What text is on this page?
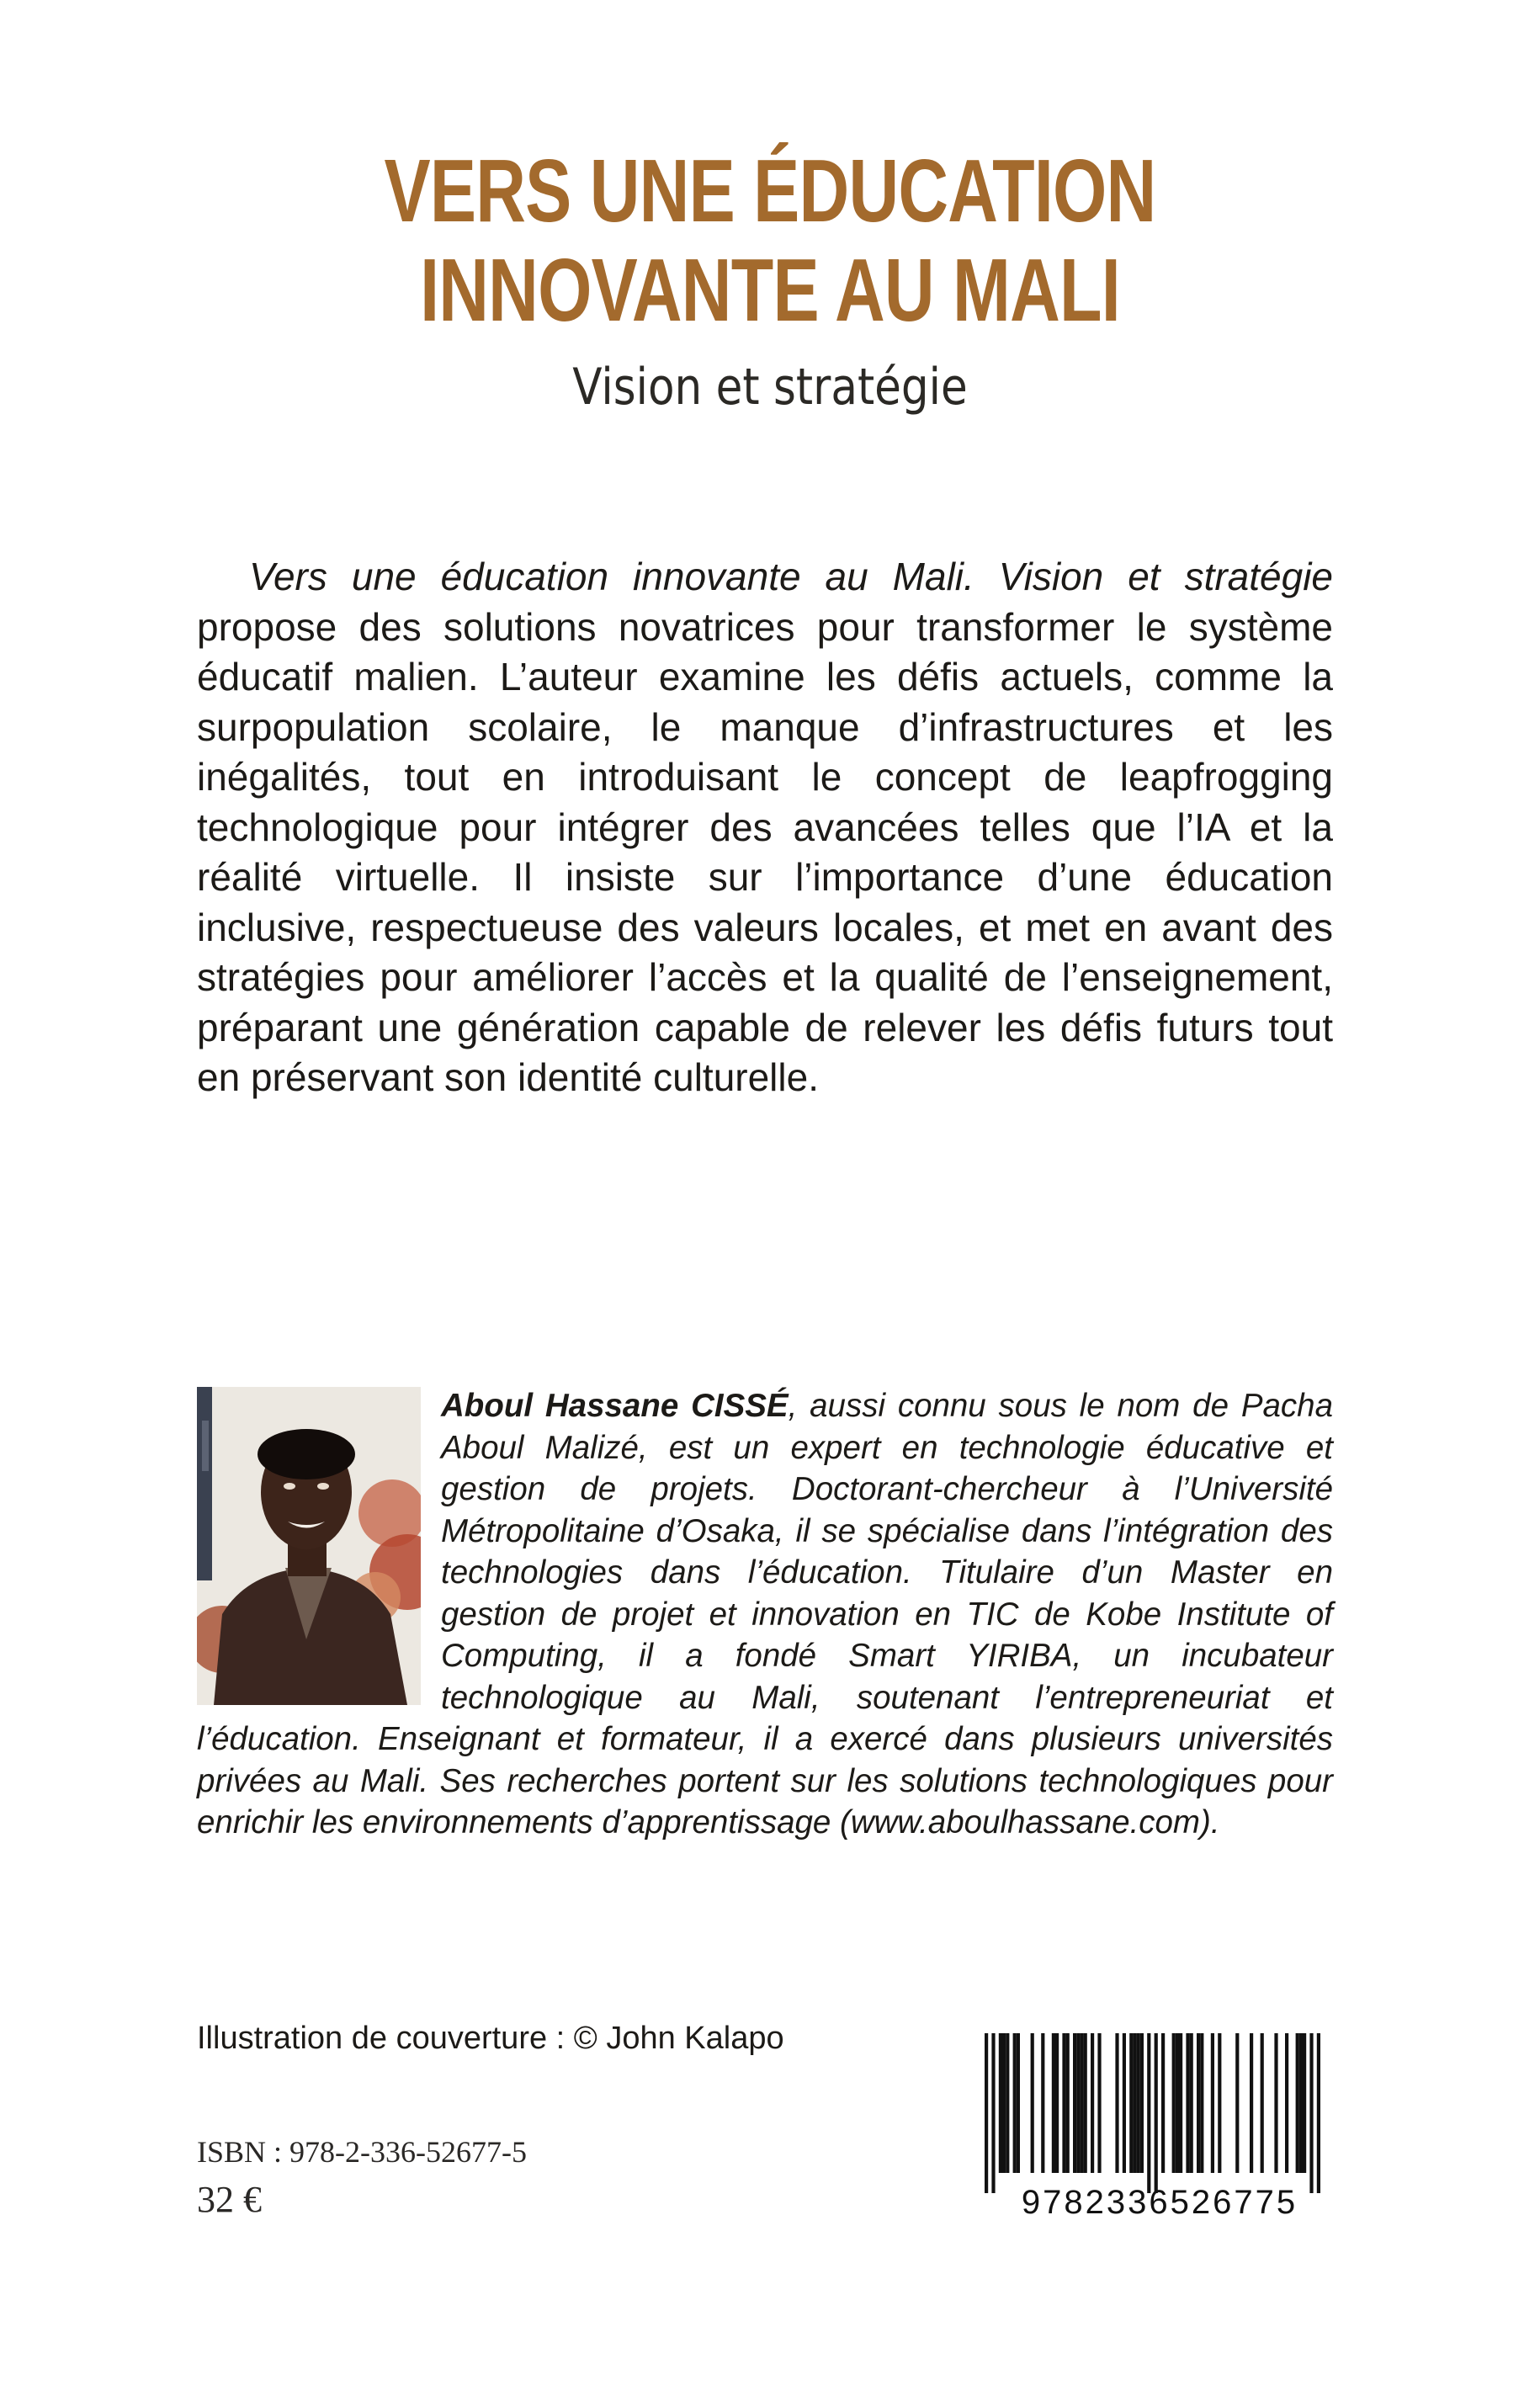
VERS UNE ÉDUCATION
INNOVANTE AU MALI
Vision et stratégie
Vers une éducation innovante au Mali. Vision et stratégie propose des solutions novatrices pour transformer le système éducatif malien. L’auteur examine les défis actuels, comme la surpopulation scolaire, le manque d’infrastructures et les inégalités, tout en introduisant le concept de leapfrogging technologique pour intégrer des avancées telles que l’IA et la réalité virtuelle. Il insiste sur l’importance d’une éducation inclusive, respectueuse des valeurs locales, et met en avant des stratégies pour améliorer l’accès et la qualité de l’enseignement, préparant une génération capable de relever les défis futurs tout en préservant son identité culturelle.
Aboul Hassane CISSÉ, aussi connu sous le nom de Pacha Aboul Malizé, est un expert en technologie éducative et gestion de projets. Doctorant-chercheur à l’Université Métropolitaine d’Osaka, il se spécialise dans l’intégration des technologies dans l’éducation. Titulaire d’un Master en gestion de projet et innovation en TIC de Kobe Institute of Computing, il a fondé Smart YIRIBA, un incubateur technologique au Mali, soutenant l’entrepreneuriat et l’éducation. Enseignant et formateur, il a exercé dans plusieurs universités privées au Mali. Ses recherches portent sur les solutions technologiques pour enrichir les environnements d’apprentissage (www.aboulhassane.com).
Illustration de couverture : © John Kalapo
ISBN : 978-2-336-52677-5
32 €	9782336526775
